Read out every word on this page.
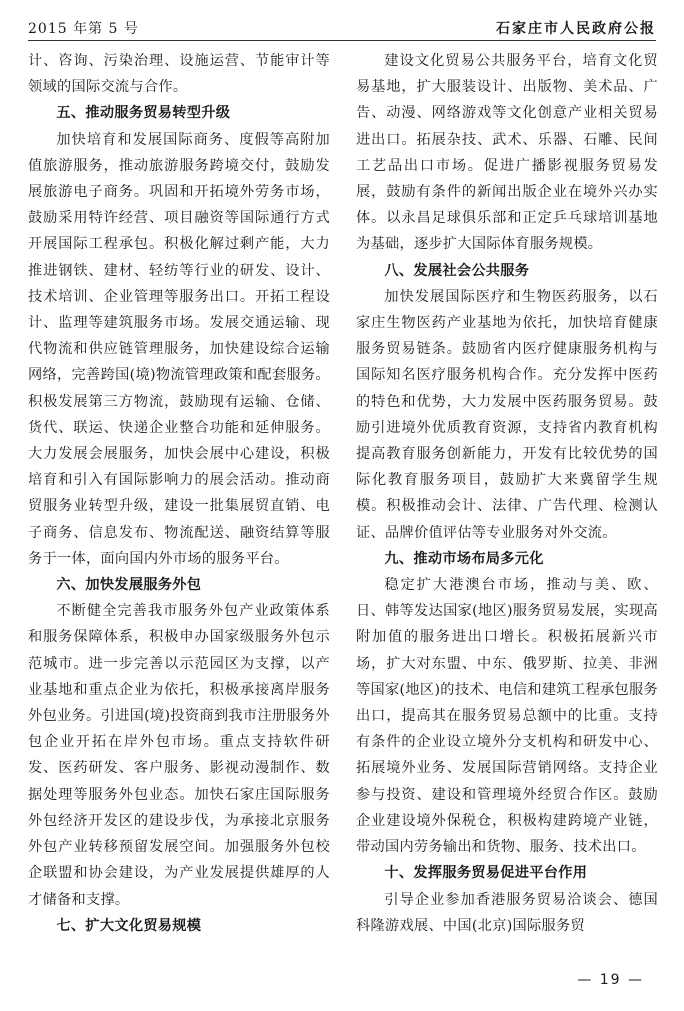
2015 年第 5 号	石家庄市人民政府公报

计、咨询、污染治理、设施运营、节能审计等领域的国际交流与合作。

五、推动服务贸易转型升级

加快培育和发展国际商务、度假等高附加值旅游服务，推动旅游服务跨境交付，鼓励发展旅游电子商务。巩固和开拓境外劳务市场，鼓励采用特许经营、项目融资等国际通行方式开展国际工程承包。积极化解过剩产能，大力推进钢铁、建材、轻纺等行业的研发、设计、技术培训、企业管理等服务出口。开拓工程设计、监理等建筑服务市场。发展交通运输、现代物流和供应链管理服务，加快建设综合运输网络，完善跨国(境)物流管理政策和配套服务。积极发展第三方物流，鼓励现有运输、仓储、货代、联运、快递企业整合功能和延伸服务。大力发展会展服务，加快会展中心建设，积极培育和引入有国际影响力的展会活动。推动商贸服务业转型升级，建设一批集展贸直销、电子商务、信息发布、物流配送、融资结算等服务于一体，面向国内外市场的服务平台。

六、加快发展服务外包

不断健全完善我市服务外包产业政策体系和服务保障体系，积极申办国家级服务外包示范城市。进一步完善以示范园区为支撑，以产业基地和重点企业为依托，积极承接离岸服务外包业务。引进国(境)投资商到我市注册服务外包企业开拓在岸外包市场。重点支持软件研发、医药研发、客户服务、影视动漫制作、数据处理等服务外包业态。加快石家庄国际服务外包经济开发区的建设步伐，为承接北京服务外包产业转移预留发展空间。加强服务外包校企联盟和协会建设，为产业发展提供雄厚的人才储备和支撑。

七、扩大文化贸易规模

建设文化贸易公共服务平台，培育文化贸易基地，扩大服装设计、出版物、美术品、广告、动漫、网络游戏等文化创意产业相关贸易进出口。拓展杂技、武术、乐器、石雕、民间工艺品出口市场。促进广播影视服务贸易发展，鼓励有条件的新闻出版企业在境外兴办实体。以永昌足球俱乐部和正定乒乓球培训基地为基础，逐步扩大国际体育服务规模。

八、发展社会公共服务

加快发展国际医疗和生物医药服务，以石家庄生物医药产业基地为依托，加快培育健康服务贸易链条。鼓励省内医疗健康服务机构与国际知名医疗服务机构合作。充分发挥中医药的特色和优势，大力发展中医药服务贸易。鼓励引进境外优质教育资源，支持省内教育机构提高教育服务创新能力，开发有比较优势的国际化教育服务项目，鼓励扩大来冀留学生规模。积极推动会计、法律、广告代理、检测认证、品牌价值评估等专业服务对外交流。

九、推动市场布局多元化

稳定扩大港澳台市场，推动与美、欧、日、韩等发达国家(地区)服务贸易发展，实现高附加值的服务进出口增长。积极拓展新兴市场，扩大对东盟、中东、俄罗斯、拉美、非洲等国家(地区)的技术、电信和建筑工程承包服务出口，提高其在服务贸易总额中的比重。支持有条件的企业设立境外分支机构和研发中心、拓展境外业务、发展国际营销网络。支持企业参与投资、建设和管理境外经贸合作区。鼓励企业建设境外保税仓，积极构建跨境产业链，带动国内劳务输出和货物、服务、技术出口。

十、发挥服务贸易促进平台作用

引导企业参加香港服务贸易洽谈会、德国科隆游戏展、中国(北京)国际服务贸

— 19 —
